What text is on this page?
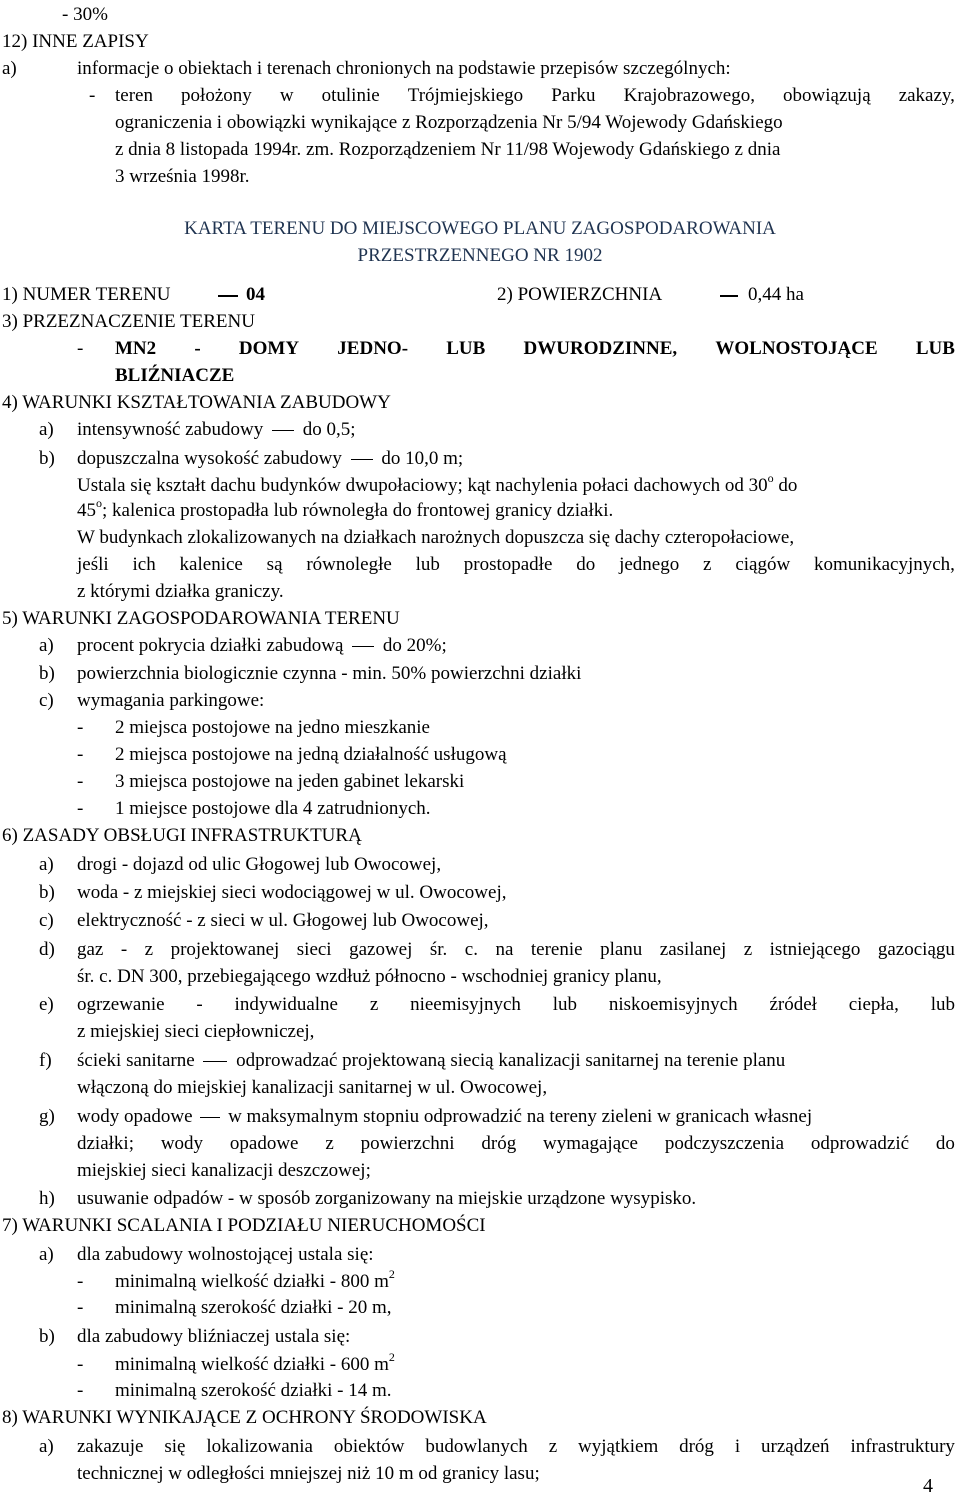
- 30%
12) INNE ZAPISY
a)	informacje o obiektach i terenach chronionych na podstawie przepisów szczególnych:
- teren położony w otulinie Trójmiejskiego Parku Krajobrazowego, obowiązują zakazy,
ograniczenia i obowiązki wynikające z Rozporządzenia Nr 5/94 Wojewody Gdańskiego
z dnia 8 listopada 1994r. zm. Rozporządzeniem Nr 11/98 Wojewody Gdańskiego z dnia
3 września 1998r.
KARTA TERENU DO MIEJSCOWEGO PLANU ZAGOSPODAROWANIA
PRZESTRZENNEGO NR 1902
1) NUMER TERENU	04	2) POWIERZCHNIA	0,44 ha
3) PRZEZNACZENIE TERENU
- MN2 - DOMY JEDNO- LUB DWURODZINNE, WOLNOSTOJĄCE LUB
BLIŹNIACZE
4) WARUNKI KSZTAŁTOWANIA ZABUDOWY
a) intensywność zabudowy do 0,5;
b) dopuszczalna wysokość zabudowy do 10,0 m;
Ustala się kształt dachu budynków dwupołaciowy; kąt nachylenia połaci dachowych od 30$^o$ do
45$^o$; kalenica prostopadła lub równoległa do frontowej granicy działki.
W budynkach zlokalizowanych na działkach narożnych dopuszcza się dachy czteropołaciowe,
jeśli ich kalenice są równoległe lub prostopadłe do jednego z ciągów komunikacyjnych,
z którymi działka graniczy.
5) WARUNKI ZAGOSPODAROWANIA TERENU
a) procent pokrycia działki zabudową do 20%;
b) powierzchnia biologicznie czynna - min. 50% powierzchni działki
c) wymagania parkingowe:
- 2 miejsca postojowe na jedno mieszkanie
- 2 miejsca postojowe na jedną działalność usługową
- 3 miejsca postojowe na jeden gabinet lekarski
- 1 miejsce postojowe dla 4 zatrudnionych.
6) ZASADY OBSŁUGI INFRASTRUKTURĄ
a) drogi - dojazd od ulic Głogowej lub Owocowej,
b) woda - z miejskiej sieci wodociągowej w ul. Owocowej,
c) elektryczność - z sieci w ul. Głogowej lub Owocowej,
d) gaz - z projektowanej sieci gazowej śr. c. na terenie planu zasilanej z istniejącego gazociągu
śr. c. DN 300, przebiegającego wzdłuż północno - wschodniej granicy planu,
e) ogrzewanie - indywidualne z nieemisyjnych lub niskoemisyjnych źródeł ciepła, lub
z miejskiej sieci ciepłowniczej,
f) ścieki sanitarne odprowadzać projektowaną siecią kanalizacji sanitarnej na terenie planu
włączoną do miejskiej kanalizacji sanitarnej w ul. Owocowej,
g) wody opadowe w maksymalnym stopniu odprowadzić na tereny zieleni w granicach własnej
działki; wody opadowe z powierzchni dróg wymagające podczyszczenia odprowadzić do
miejskiej sieci kanalizacji deszczowej;
h) usuwanie odpadów - w sposób zorganizowany na miejskie urządzone wysypisko.
7) WARUNKI SCALANIA I PODZIAŁU NIERUCHOMOŚCI
a) dla zabudowy wolnostojącej ustala się:
- minimalną wielkość działki - 800 $m^2$
- minimalną szerokość działki - 20 m,
b) dla zabudowy bliźniaczej ustala się:
- minimalną wielkość działki - 600 $m^2$
- minimalną szerokość działki - 14 m.
8) WARUNKI WYNIKAJĄCE Z OCHRONY ŚRODOWISKA
a) zakazuje się lokalizowania obiektów budowlanych z wyjątkiem dróg i urządzeń infrastruktury
technicznej w odległości mniejszej niż 10 m od granicy lasu;
4
